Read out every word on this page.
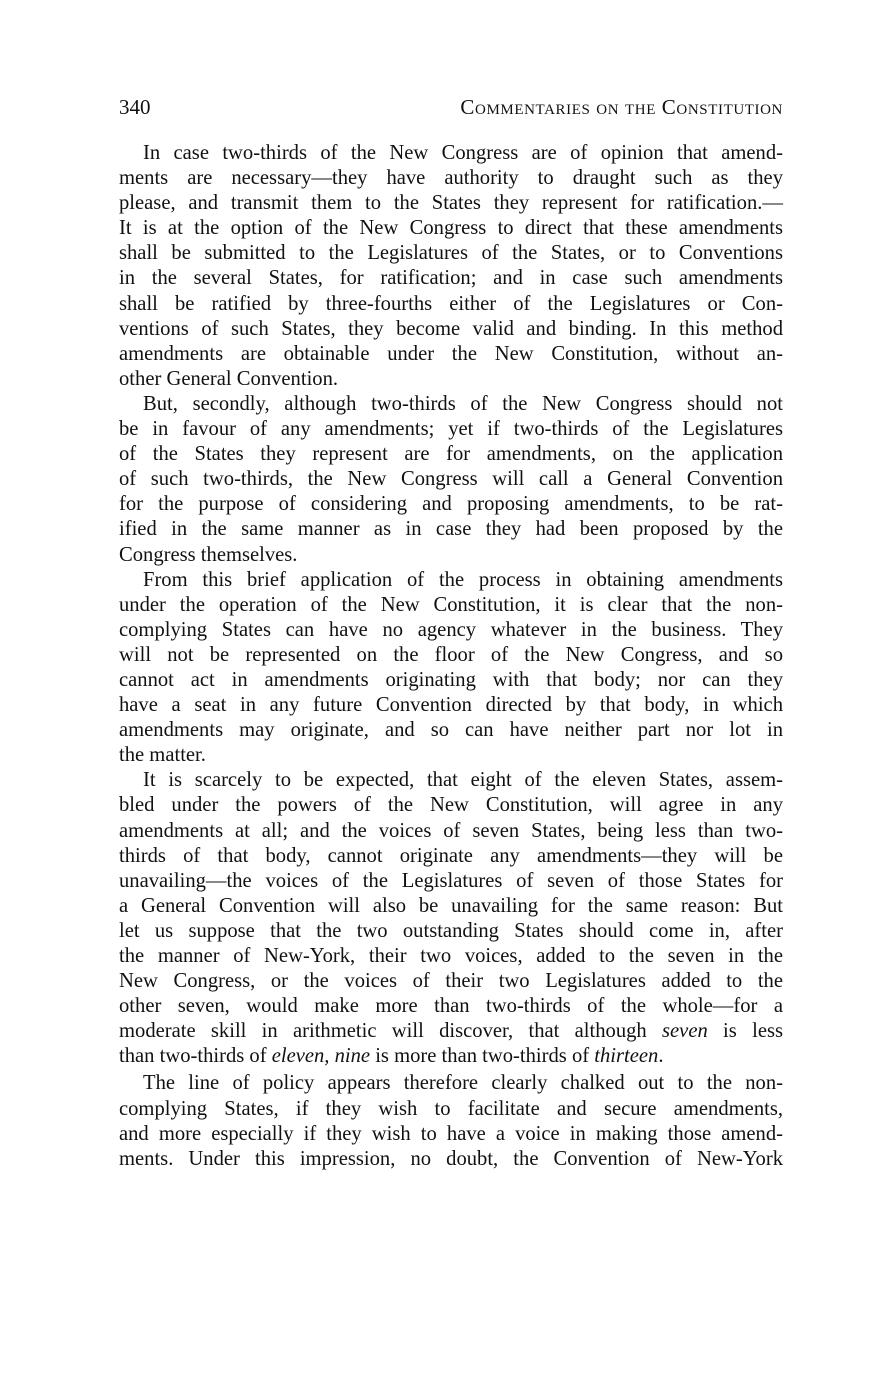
340	Commentaries on the Constitution
In case two-thirds of the New Congress are of opinion that amend-
ments are necessary—they have authority to draught such as they
please, and transmit them to the States they represent for ratification.—
It is at the option of the New Congress to direct that these amendments
shall be submitted to the Legislatures of the States, or to Conventions
in the several States, for ratification; and in case such amendments
shall be ratified by three-fourths either of the Legislatures or Con-
ventions of such States, they become valid and binding. In this method
amendments are obtainable under the New Constitution, without an-
other General Convention.
But, secondly, although two-thirds of the New Congress should not
be in favour of any amendments; yet if two-thirds of the Legislatures
of the States they represent are for amendments, on the application
of such two-thirds, the New Congress will call a General Convention
for the purpose of considering and proposing amendments, to be rat-
ified in the same manner as in case they had been proposed by the
Congress themselves.
From this brief application of the process in obtaining amendments
under the operation of the New Constitution, it is clear that the non-
complying States can have no agency whatever in the business. They
will not be represented on the floor of the New Congress, and so
cannot act in amendments originating with that body; nor can they
have a seat in any future Convention directed by that body, in which
amendments may originate, and so can have neither part nor lot in
the matter.
It is scarcely to be expected, that eight of the eleven States, assem-
bled under the powers of the New Constitution, will agree in any
amendments at all; and the voices of seven States, being less than two-
thirds of that body, cannot originate any amendments—they will be
unavailing—the voices of the Legislatures of seven of those States for
a General Convention will also be unavailing for the same reason: But
let us suppose that the two outstanding States should come in, after
the manner of New-York, their two voices, added to the seven in the
New Congress, or the voices of their two Legislatures added to the
other seven, would make more than two-thirds of the whole—for a
moderate skill in arithmetic will discover, that although seven is less
than two-thirds of eleven, nine is more than two-thirds of thirteen.
The line of policy appears therefore clearly chalked out to the non-
complying States, if they wish to facilitate and secure amendments,
and more especially if they wish to have a voice in making those amend-
ments. Under this impression, no doubt, the Convention of New-York
